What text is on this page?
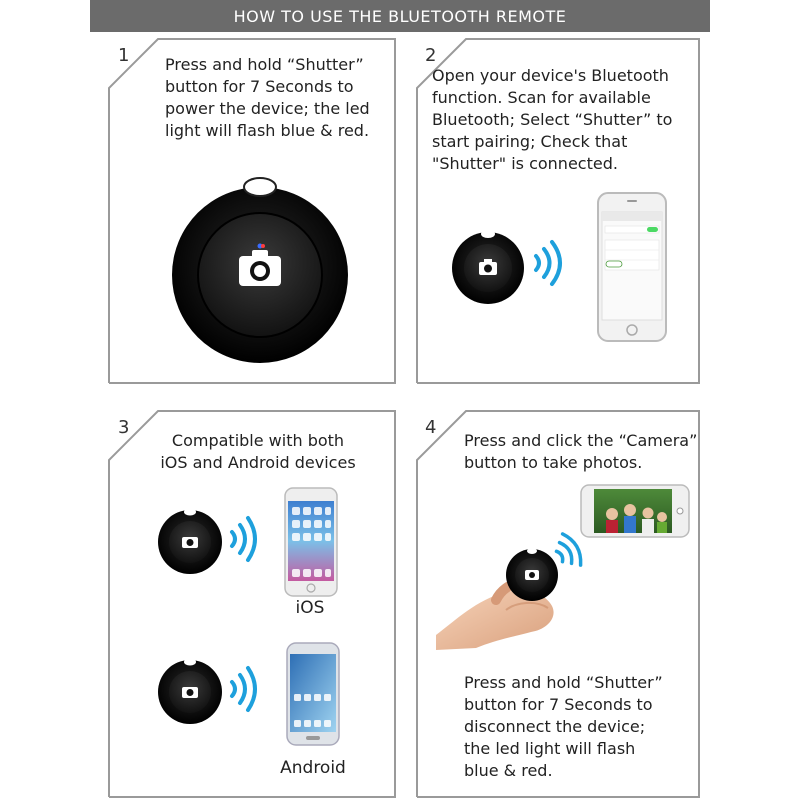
HOW TO USE THE BLUETOOTH REMOTE
1 Press and hold “Shutter”
button for 7 Seconds to
power the device; the led
light will flash blue & red.
2
Open your device's Bluetooth
function. Scan for available
Bluetooth; Select “Shutter” to
start pairing; Check that
"Shutter" is connected.
3
Compatible with both
iOS and Android devices
iOS
Android
4
Press and click the “Camera”
button to take photos.
Press and hold “Shutter”
button for 7 Seconds to
disconnect the device;
the led light will flash
blue & red.
